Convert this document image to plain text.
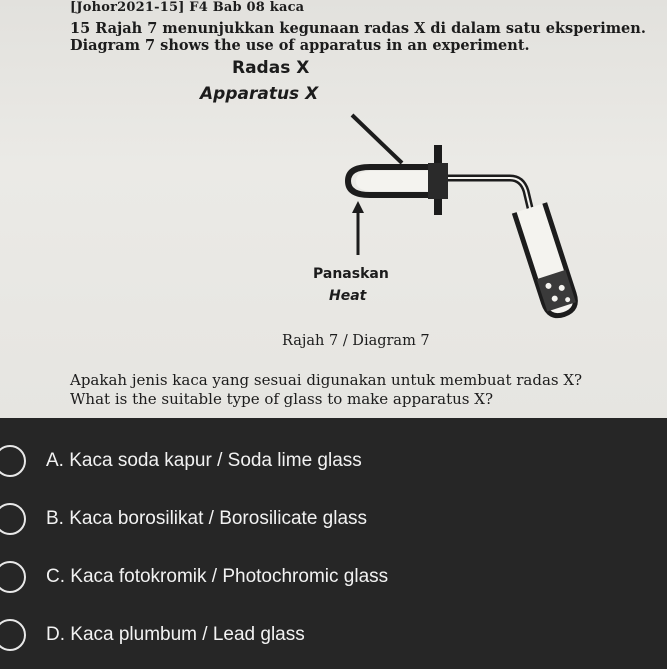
[Johor2021-15] F4 Bab 08 kaca
15 Rajah 7 menunjukkan kegunaan radas X di dalam satu eksperimen.
Diagram 7 shows the use of apparatus in an experiment.
Radas X
Apparatus X
Panaskan
Heat
Rajah 7 / Diagram 7
Apakah jenis kaca yang sesuai digunakan untuk membuat radas X?
What is the suitable type of glass to make apparatus X?
A. Kaca soda kapur / Soda lime glass
B. Kaca borosilikat / Borosilicate glass
C. Kaca fotokromik / Photochromic glass
D. Kaca plumbum / Lead glass
